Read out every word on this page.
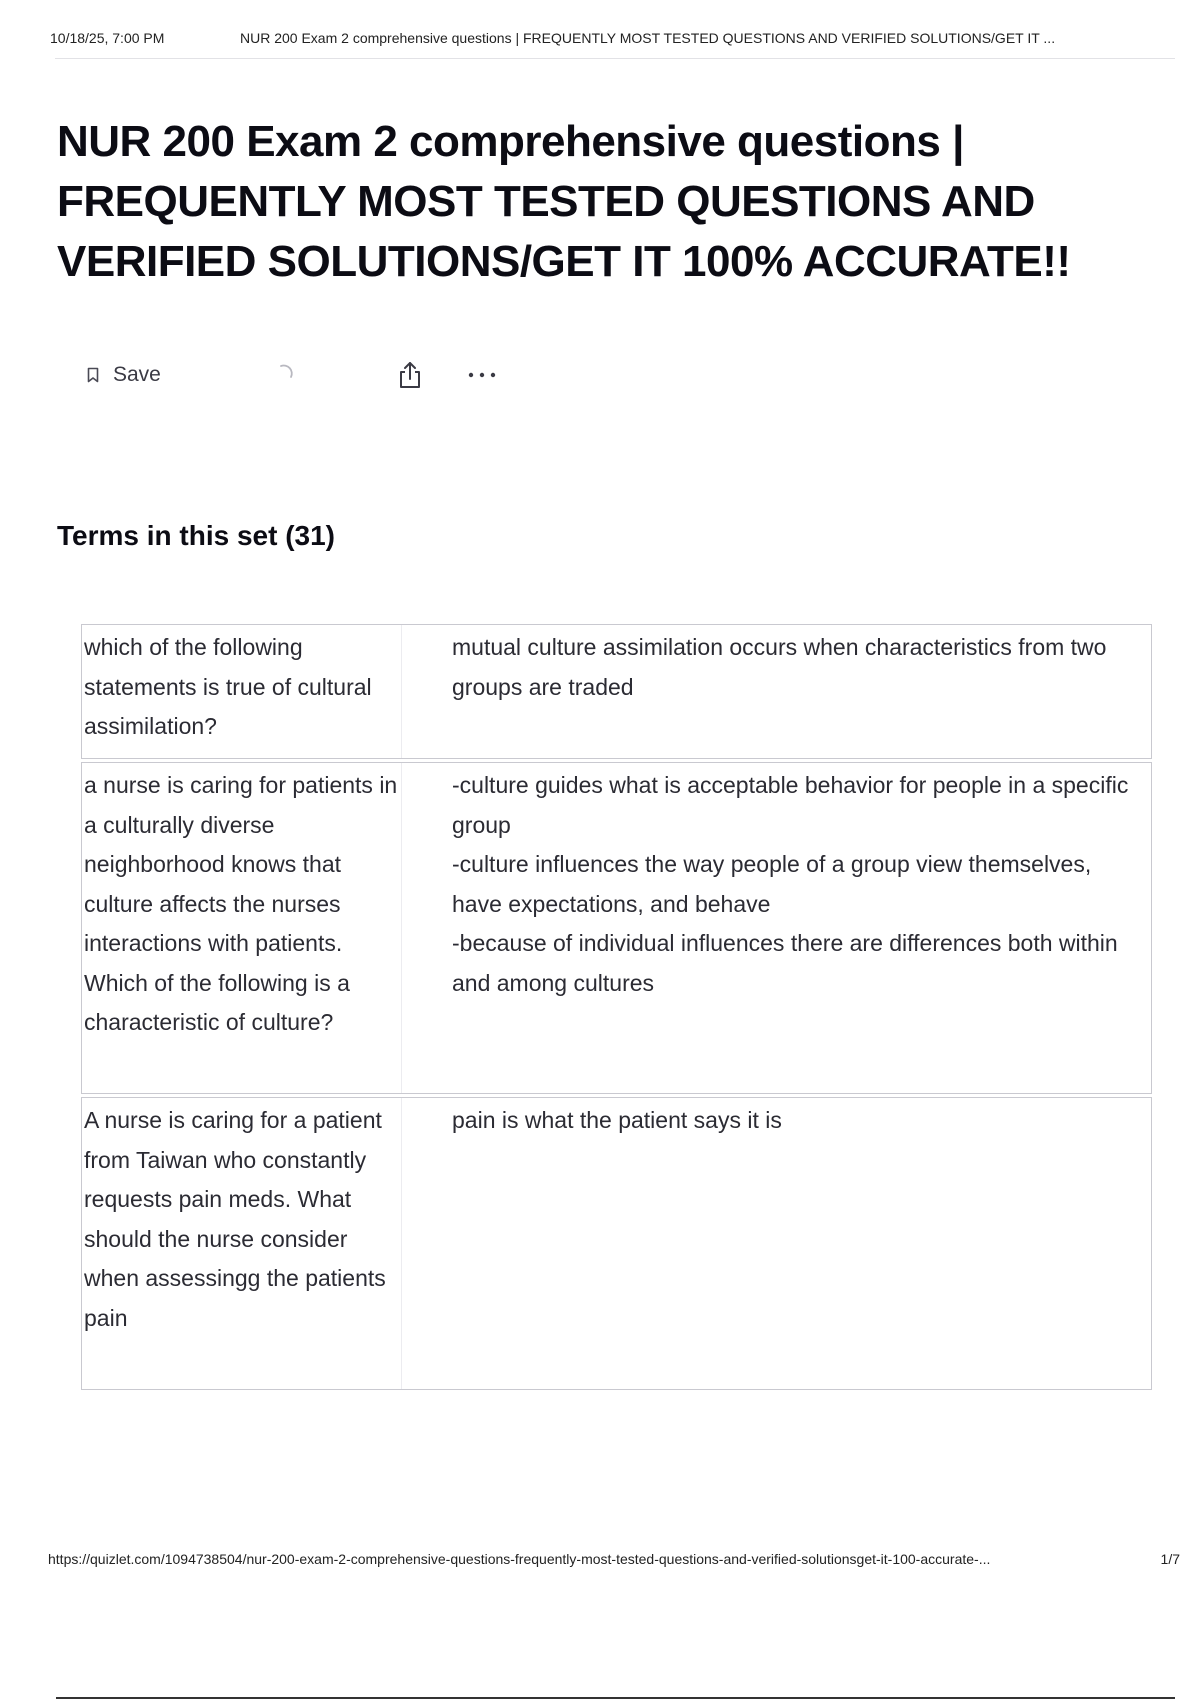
10/18/25, 7:00 PM	NUR 200 Exam 2 comprehensive questions | FREQUENTLY MOST TESTED QUESTIONS AND VERIFIED SOLUTIONS/GET IT ...
NUR 200 Exam 2 comprehensive questions | FREQUENTLY MOST TESTED QUESTIONS AND VERIFIED SOLUTIONS/GET IT 100% ACCURATE!!
Save
Terms in this set (31)
which of the following statements is true of cultural assimilation?
mutual culture assimilation occurs when characteristics from two groups are traded
a nurse is caring for patients in a culturally diverse neighborhood knows that culture affects the nurses interactions with patients. Which of the following is a characteristic of culture?
-culture guides what is acceptable behavior for people in a specific group
-culture influences the way people of a group view themselves, have expectations, and behave
-because of individual influences there are differences both within and among cultures
A nurse is caring for a patient from Taiwan who constantly requests pain meds. What should the nurse consider when assessingg the patients pain
pain is what the patient says it is
https://quizlet.com/1094738504/nur-200-exam-2-comprehensive-questions-frequently-most-tested-questions-and-verified-solutionsget-it-100-accurate-...	1/7
